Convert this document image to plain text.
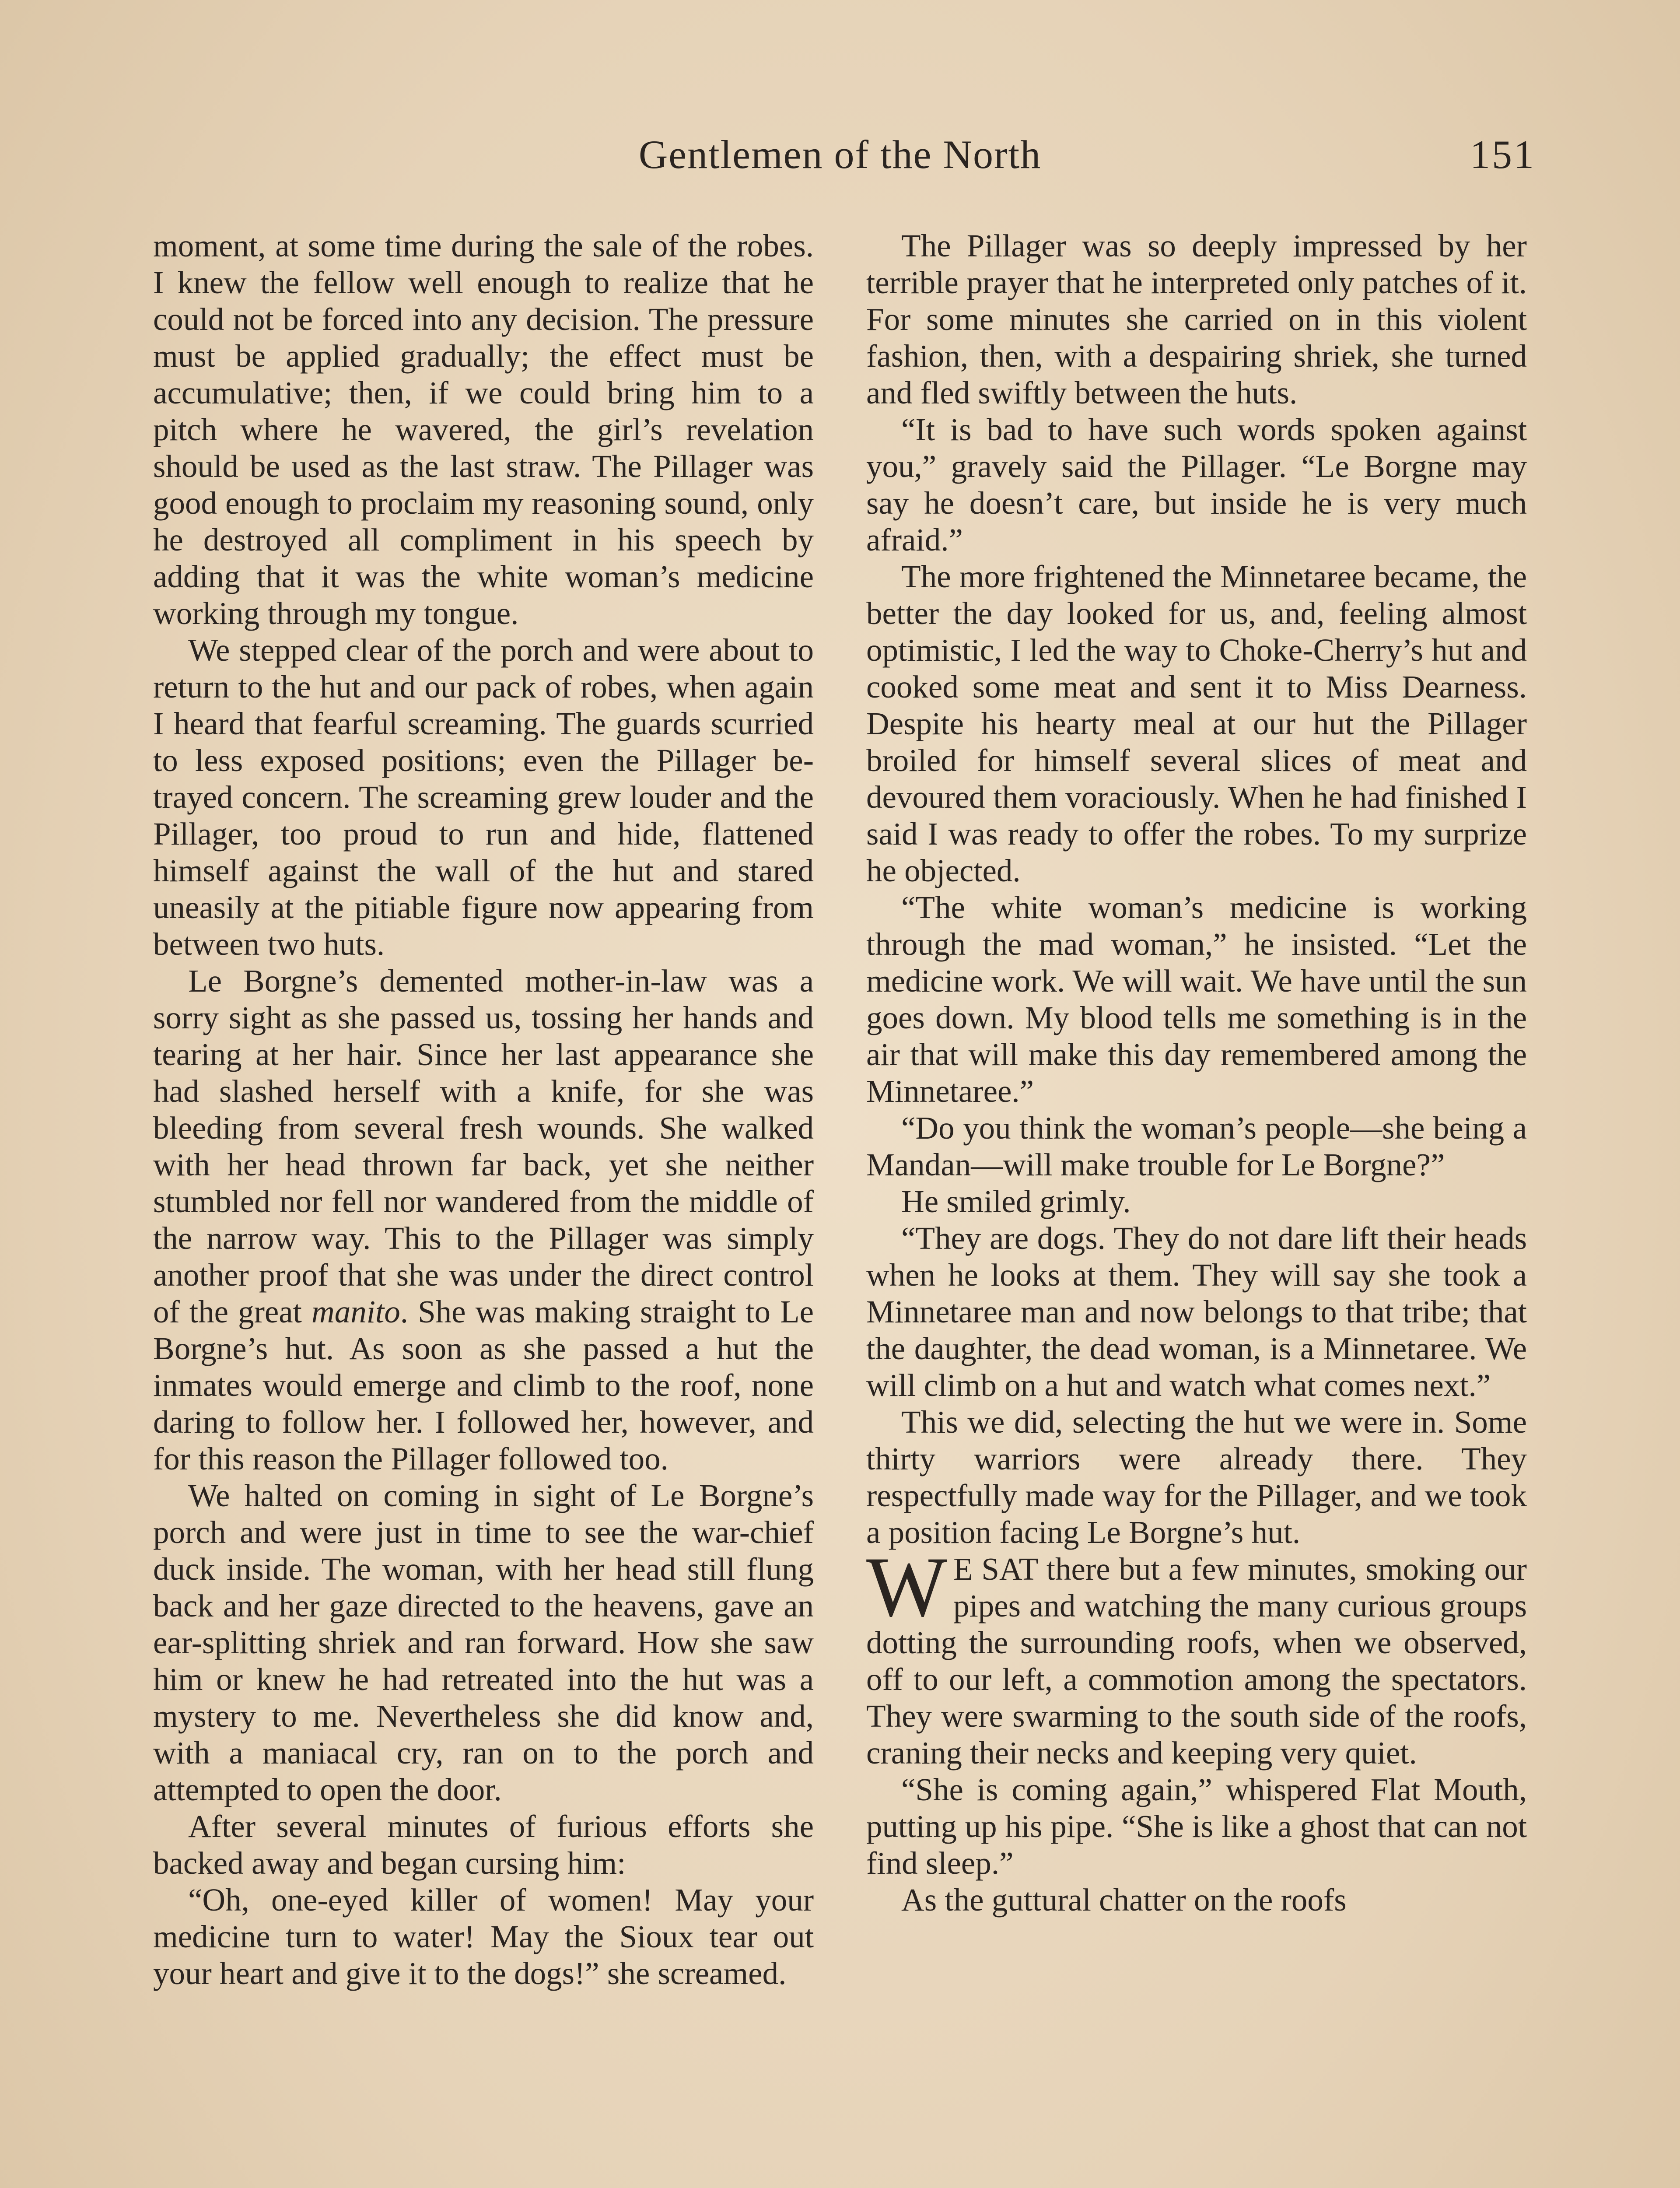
Gentlemen of the North	151

moment, at some time during the sale of the robes. I knew the fellow well enough to realize that he could not be forced into any decision. The pressure must be applied gradually; the effect must be accumulative; then, if we could bring him to a pitch where he wavered, the girl’s revelation should be used as the last straw. The Pillager was good enough to proclaim my reasoning sound, only he destroyed all compliment in his speech by adding that it was the white woman’s medicine working through my tongue.

We stepped clear of the porch and were about to return to the hut and our pack of robes, when again I heard that fearful screaming. The guards scurried to less exposed positions; even the Pillager betrayed concern. The screaming grew louder and the Pillager, too proud to run and hide, flattened himself against the wall of the hut and stared uneasily at the pitiable figure now appearing from between two huts.

Le Borgne’s demented mother-in-law was a sorry sight as she passed us, tossing her hands and tearing at her hair. Since her last appearance she had slashed herself with a knife, for she was bleeding from several fresh wounds. She walked with her head thrown far back, yet she neither stumbled nor fell nor wandered from the middle of the narrow way. This to the Pillager was simply another proof that she was under the direct control of the great manito. She was making straight to Le Borgne’s hut. As soon as she passed a hut the inmates would emerge and climb to the roof, none daring to follow her. I followed her, however, and for this reason the Pillager followed too.

We halted on coming in sight of Le Borgne’s porch and were just in time to see the war-chief duck inside. The woman, with her head still flung back and her gaze directed to the heavens, gave an ear-splitting shriek and ran forward. How she saw him or knew he had retreated into the hut was a mystery to me. Nevertheless she did know and, with a maniacal cry, ran on to the porch and attempted to open the door.

After several minutes of furious efforts she backed away and began cursing him:

“Oh, one-eyed killer of women! May your medicine turn to water! May the Sioux tear out your heart and give it to the dogs!” she screamed.

The Pillager was so deeply impressed by her terrible prayer that he interpreted only patches of it. For some minutes she carried on in this violent fashion, then, with a despairing shriek, she turned and fled swiftly between the huts.

“It is bad to have such words spoken against you,” gravely said the Pillager. “Le Borgne may say he doesn’t care, but inside he is very much afraid.”

The more frightened the Minnetaree became, the better the day looked for us, and, feeling almost optimistic, I led the way to Choke-Cherry’s hut and cooked some meat and sent it to Miss Dearness. Despite his hearty meal at our hut the Pillager broiled for himself several slices of meat and devoured them voraciously. When he had finished I said I was ready to offer the robes. To my surprize he objected.

“The white woman’s medicine is working through the mad woman,” he insisted. “Let the medicine work. We will wait. We have until the sun goes down. My blood tells me something is in the air that will make this day remembered among the Minnetaree.”

“Do you think the woman’s people—she being a Mandan—will make trouble for Le Borgne?”

He smiled grimly.

“They are dogs. They do not dare lift their heads when he looks at them. They will say she took a Minnetaree man and now belongs to that tribe; that the daughter, the dead woman, is a Minnetaree. We will climb on a hut and watch what comes next.”

This we did, selecting the hut we were in. Some thirty warriors were already there. They respectfully made way for the Pillager, and we took a position facing Le Borgne’s hut.

W E SAT there but a few minutes, smoking our pipes and watching the many curious groups dotting the surrounding roofs, when we observed, off to our left, a commotion among the spectators. They were swarming to the south side of the roofs, craning their necks and keeping very quiet.

“She is coming again,” whispered Flat Mouth, putting up his pipe. “She is like a ghost that can not find sleep.”

As the guttural chatter on the roofs
